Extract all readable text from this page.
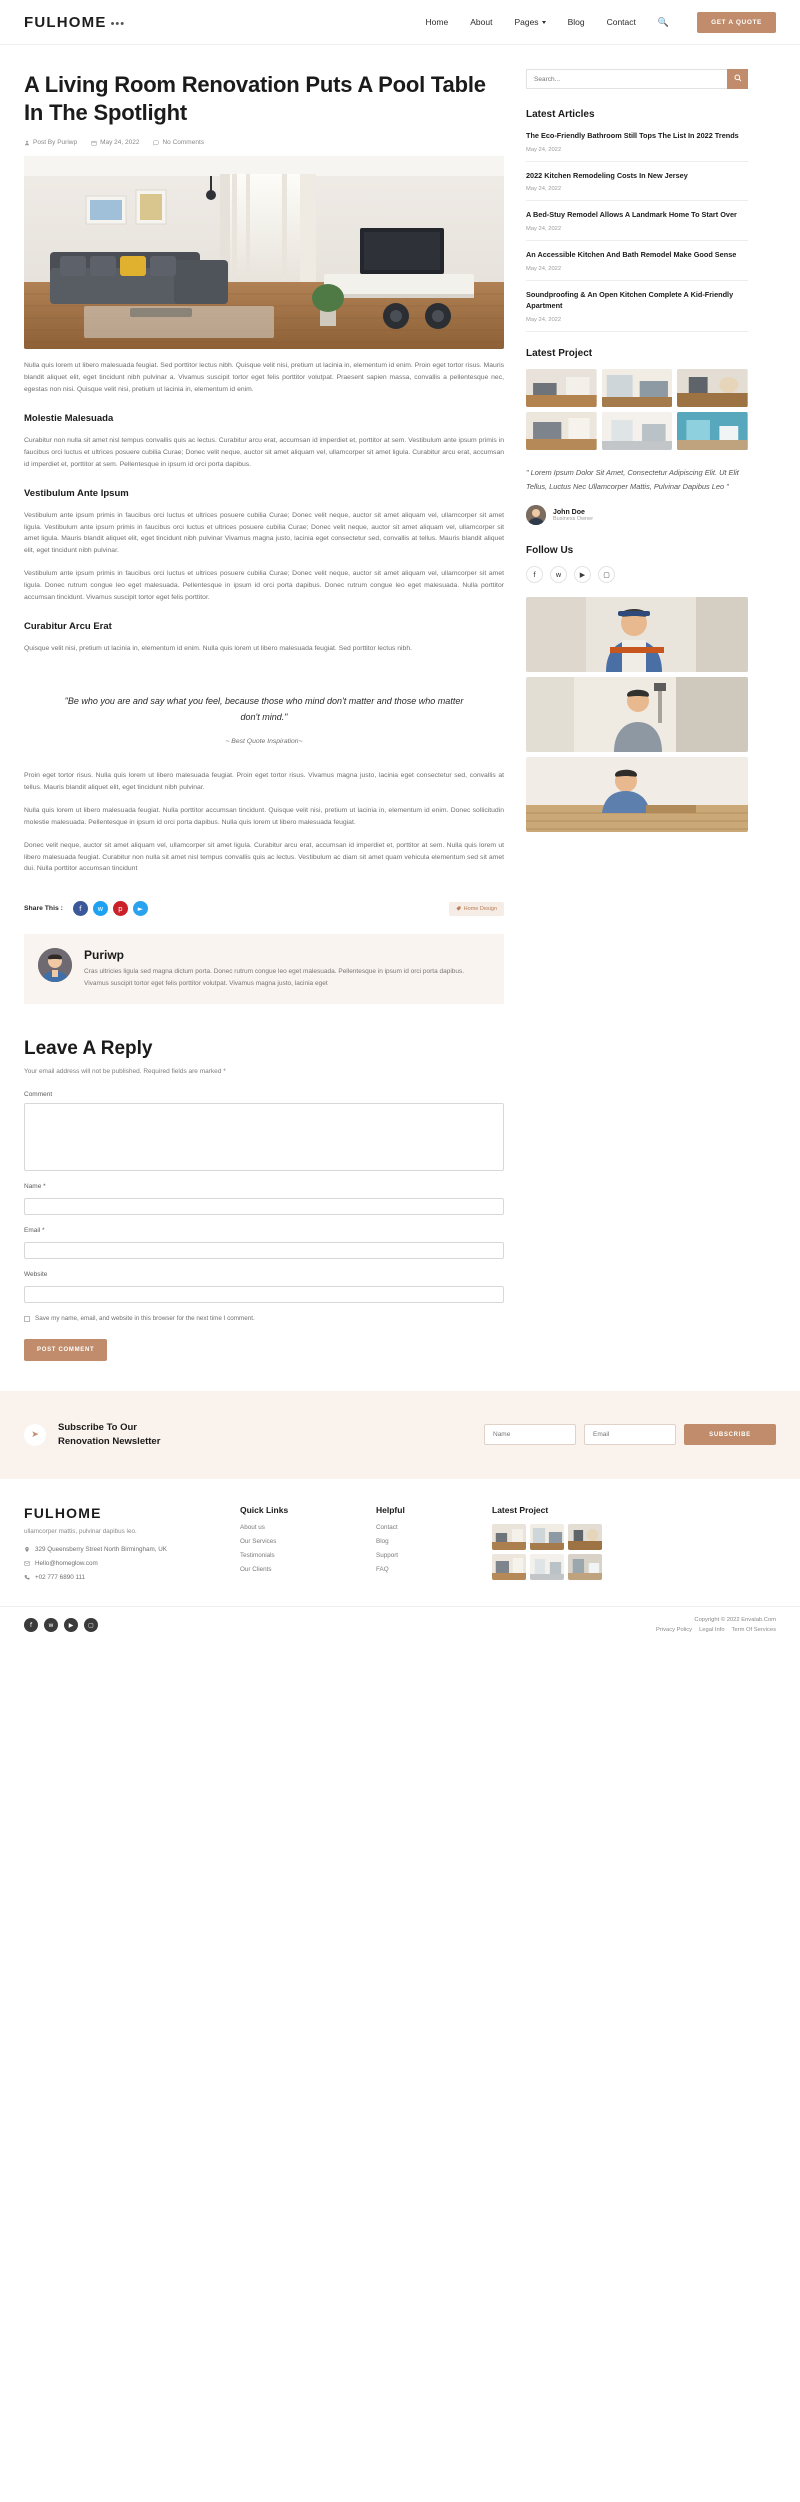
FULHOME •••	Home	About	Pages	Blog	Contact 🔍	GET A QUOTE
A Living Room Renovation Puts A Pool Table In The Spotlight
Post By Puriwp	May 24, 2022	No Comments

Nulla quis lorem ut libero malesuada feugiat. Sed porttitor lectus nibh. Quisque velit nisi, pretium ut lacinia in, elementum id enim. Proin eget tortor risus. Mauris blandit aliquet elit, eget tincidunt nibh pulvinar a. Vivamus suscipit tortor eget felis porttitor volutpat. Praesent sapien massa, convallis a pellentesque nec, egestas non nisi. Quisque velit nisi, pretium ut lacinia in, elementum id enim.

Molestie Malesuada

Curabitur non nulla sit amet nisl tempus convallis quis ac lectus. Curabitur arcu erat, accumsan id imperdiet et, porttitor at sem. Vestibulum ante ipsum primis in faucibus orci luctus et ultrices posuere cubilia Curae; Donec velit neque, auctor sit amet aliquam vel, ullamcorper sit amet ligula. Curabitur arcu erat, accumsan id imperdiet et, porttitor at sem. Pellentesque in ipsum id orci porta dapibus.

Vestibulum Ante Ipsum

Vestibulum ante ipsum primis in faucibus orci luctus et ultrices posuere cubilia Curae; Donec velit neque, auctor sit amet aliquam vel, ullamcorper sit amet ligula. Vestibulum ante ipsum primis in faucibus orci luctus et ultrices posuere cubilia Curae; Donec velit neque, auctor sit amet aliquam vel, ullamcorper sit amet ligula. Mauris blandit aliquet elit, eget tincidunt nibh pulvinar Vivamus magna justo, lacinia eget consectetur sed, convallis at tellus. Mauris blandit aliquet elit, eget tincidunt nibh pulvinar.

Vestibulum ante ipsum primis in faucibus orci luctus et ultrices posuere cubilia Curae; Donec velit neque, auctor sit amet aliquam vel, ullamcorper sit amet ligula. Donec rutrum congue leo eget malesuada. Pellentesque in ipsum id orci porta dapibus. Donec rutrum congue leo eget malesuada. Nulla porttitor accumsan tincidunt. Vivamus suscipit tortor eget felis porttitor.

Curabitur Arcu Erat

Quisque velit nisi, pretium ut lacinia in, elementum id enim. Nulla quis lorem ut libero malesuada feugiat. Sed porttitor lectus nibh.

"Be who you are and say what you feel, because those who mind don't matter and those who matter don't mind."
~ Best Quote Inspiration~

Proin eget tortor risus. Nulla quis lorem ut libero malesuada feugiat. Proin eget tortor risus. Vivamus magna justo, lacinia eget consectetur sed, convallis at tellus. Mauris blandit aliquet elit, eget tincidunt nibh pulvinar.

Nulla quis lorem ut libero malesuada feugiat. Nulla porttitor accumsan tincidunt. Quisque velit nisi, pretium ut lacinia in, elementum id enim. Donec sollicitudin molestie malesuada. Pellentesque in ipsum id orci porta dapibus. Nulla quis lorem ut libero malesuada feugiat.

Donec velit neque, auctor sit amet aliquam vel, ullamcorper sit amet ligula. Curabitur arcu erat, accumsan id imperdiet et, porttitor at sem. Nulla quis lorem ut libero malesuada feugiat. Curabitur non nulla sit amet nisl tempus convallis quis ac lectus. Vestibulum ac diam sit amet quam vehicula elementum sed sit amet dui. Nulla porttitor accumsan tincidunt

Share This :	f	w	p	►	Home Design
Puriwp
Cras ultricies ligula sed magna dictum porta. Donec rutrum congue leo eget malesuada. Pellentesque in ipsum id orci porta dapibus. Vivamus suscipit tortor eget felis porttitor volutpat. Vivamus magna justo, lacinia eget
Leave A Reply
Your email address will not be published. Required fields are marked *
Comment
Name *
Email *
Website
Save my name, email, and website in this browser for the next time I comment.
POST COMMENT
Search...
Latest Articles
The Eco-Friendly Bathroom Still Tops The List In 2022 Trends
May 24, 2022
2022 Kitchen Remodeling Costs In New Jersey
May 24, 2022
A Bed-Stuy Remodel Allows A Landmark Home To Start Over
May 24, 2022
An Accessible Kitchen And Bath Remodel Make Good Sense
May 24, 2022
Soundproofing & An Open Kitchen Complete A Kid-Friendly Apartment
May 24, 2022
Latest Project
" Lorem Ipsum Dolor Sit Amet, Consectetur Adipiscing Elit. Ut Elit Tellus, Luctus Nec Ullamcorper Mattis, Pulvinar Dapibus Leo "
John Doe
Business Owner
Follow Us
f	w	▶	▢
➤
Subscribe To Our Renovation Newsletter
Name
Email
SUBSCRIBE
FULHOME
ullamcorper mattis, pulvinar dapibus leo.
329 Queensberry Street North Birmingham, UK
Hello@homeglow.com
+02 777 6890 111
Quick Links
About us
Our Services
Testimonials
Our Clients
Helpful
Contact
Blog
Support
FAQ
Latest Project
f	w	▶	▢
Copyright © 2022 Envalab.Com
Privacy Policy Legal Info Term Of Services
